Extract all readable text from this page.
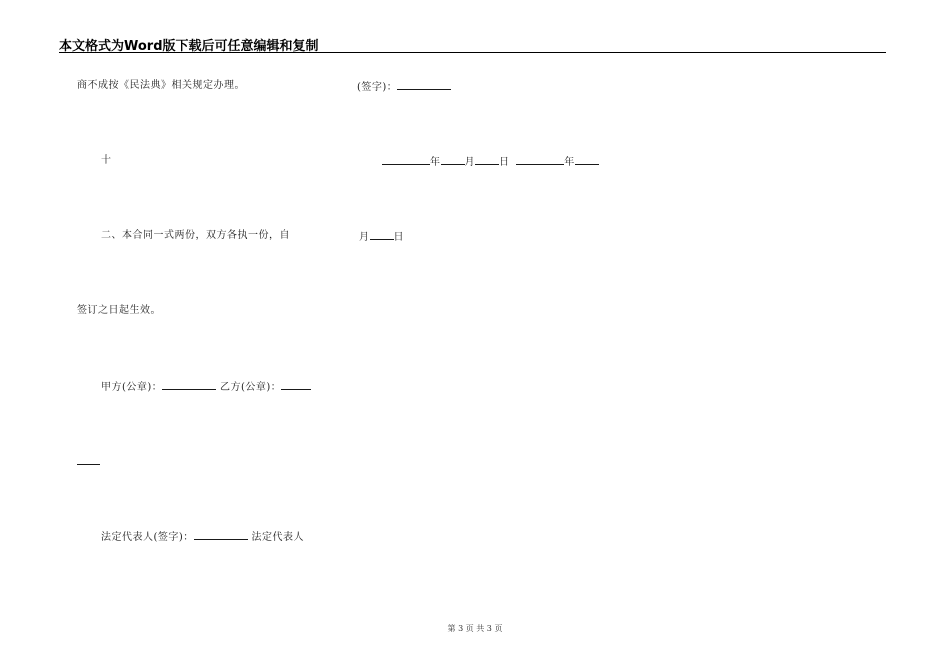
本文格式为Word版下载后可任意编辑和复制
商不成按《民法典》相关规定办理。	(签字)：
十	年 月 日	年
二、本合同一式两份，双方各执一份，自	月 日
签订之日起生效。
甲方(公章)：	乙方(公章)：
法定代表人(签字)：	法定代表人
第 3 页 共 3 页
